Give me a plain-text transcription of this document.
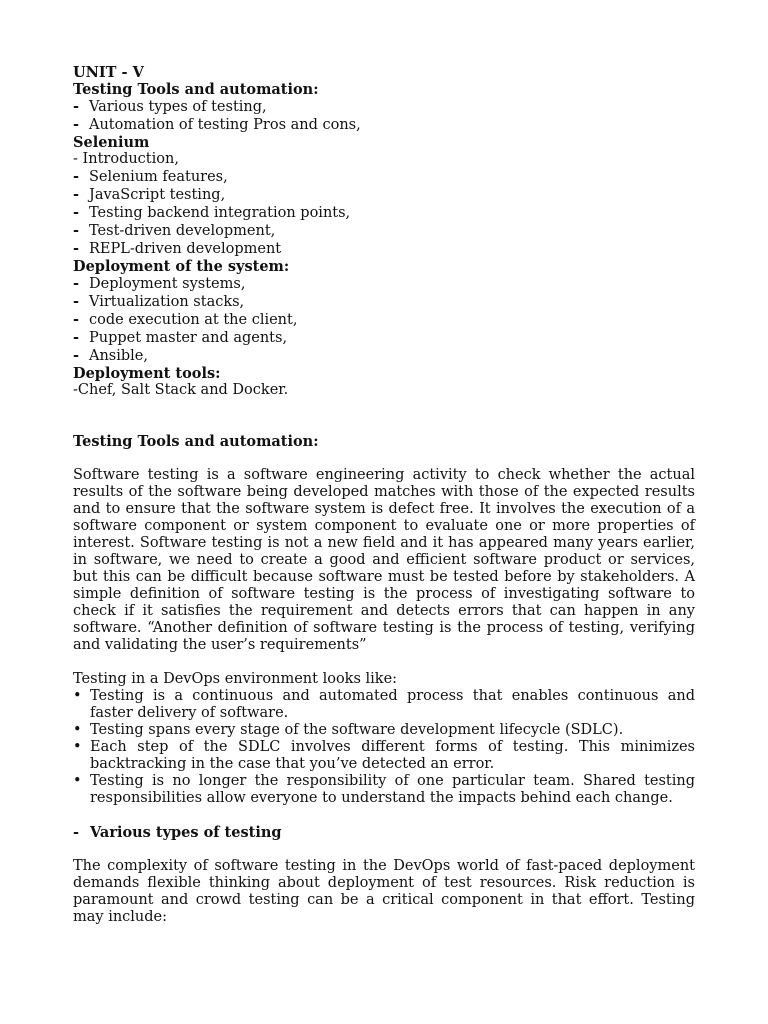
UNIT - V
Testing Tools and automation:
- Various types of testing,
- Automation of testing Pros and cons,
Selenium
- Introduction,
- Selenium features,
- JavaScript testing,
- Testing backend integration points,
- Test-driven development,
- REPL-driven development
Deployment of the system:
- Deployment systems,
- Virtualization stacks,
- code execution at the client,
- Puppet master and agents,
- Ansible,
Deployment tools:
-Chef, Salt Stack and Docker.
Testing Tools and automation:
Software testing is a software engineering activity to check whether the actual results of the software being developed matches with those of the expected results and to ensure that the software system is defect free. It involves the execution of a software component or system component to evaluate one or more properties of interest. Software testing is not a new field and it has appeared many years earlier, in software, we need to create a good and efficient software product or services, but this can be difficult because software must be tested before by stakeholders. A simple definition of software testing is the process of investigating software to check if it satisfies the requirement and detects errors that can happen in any software. “Another definition of software testing is the process of testing, verifying and validating the user’s requirements”
Testing in a DevOps environment looks like:
• Testing is a continuous and automated process that enables continuous and faster delivery of software.
• Testing spans every stage of the software development lifecycle (SDLC).
• Each step of the SDLC involves different forms of testing. This minimizes backtracking in the case that you’ve detected an error.
• Testing is no longer the responsibility of one particular team. Shared testing responsibilities allow everyone to understand the impacts behind each change.
- Various types of testing
The complexity of software testing in the DevOps world of fast-paced deployment demands flexible thinking about deployment of test resources. Risk reduction is paramount and crowd testing can be a critical component in that effort. Testing may include:
